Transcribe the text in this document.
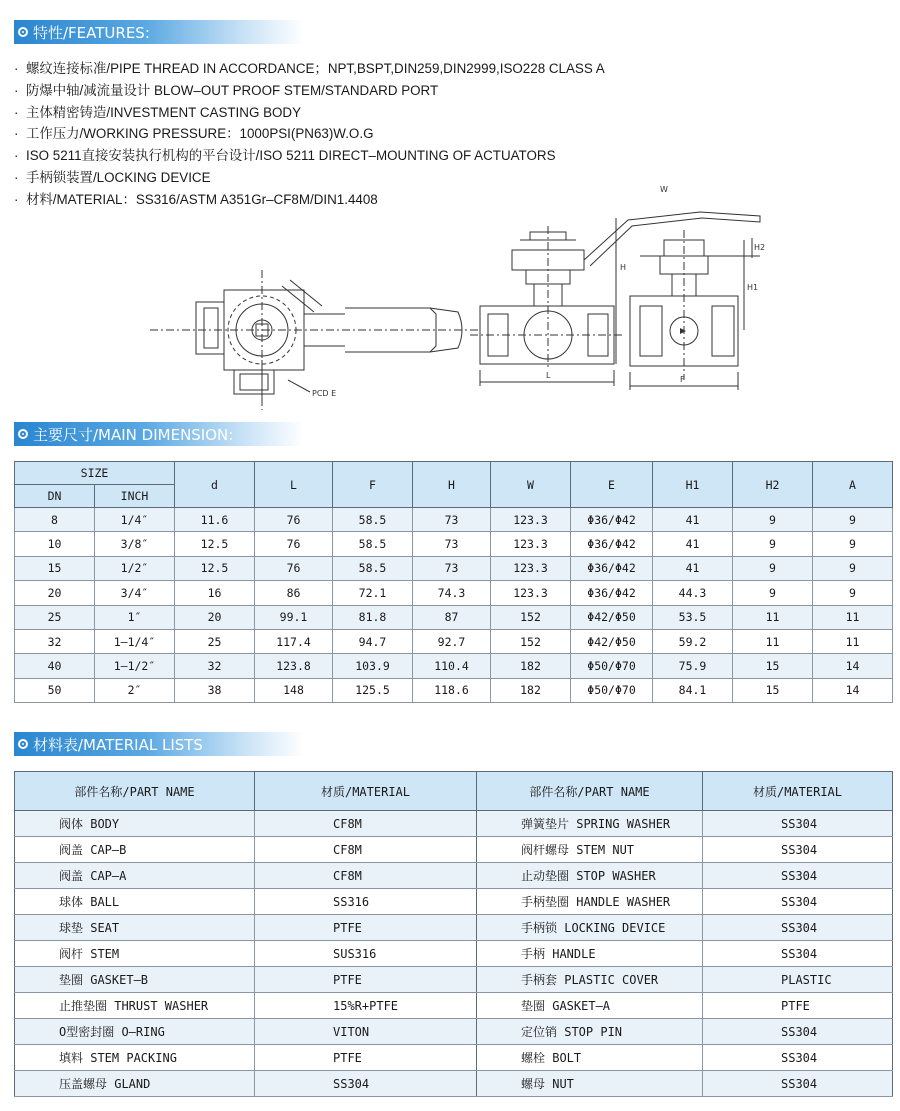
特性/FEATURES:
· 螺纹连接标准/PIPE THREAD IN ACCORDANCE；NPT,BSPT,DIN259,DIN2999,ISO228 CLASS A
· 防爆中轴/减流量设计 BLOW–OUT PROOF STEM/STANDARD PORT
· 主体精密铸造/INVESTMENT CASTING BODY
· 工作压力/WORKING PRESSURE：1000PSI(PN63)W.O.G
· ISO 5211直接安装执行机构的平台设计/ISO 5211 DIRECT–MOUNTING OF ACTUATORS
· 手柄锁装置/LOCKING DEVICE
· 材料/MATERIAL：SS316/ASTM A351Gr–CF8M/DIN1.4408
PCD E
L
H
F
H1
H2
W
主要尺寸/MAIN DIMENSION:
SIZE		d	L	F	H	W	E	H1	H2	A
DN	INCH									
8	1/4″	11.6	76	58.5	73	123.3	Φ36/Φ42	41	9	9
10	3/8″	12.5	76	58.5	73	123.3	Φ36/Φ42	41	9	9
15	1/2″	12.5	76	58.5	73	123.3	Φ36/Φ42	41	9	9
20	3/4″	16	86	72.1	74.3	123.3	Φ36/Φ42	44.3	9	9
25	1″	20	99.1	81.8	87	152	Φ42/Φ50	53.5	11	11
32	1–1/4″	25	117.4	94.7	92.7	152	Φ42/Φ50	59.2	11	11
40	1–1/2″	32	123.8	103.9	110.4	182	Φ50/Φ70	75.9	15	14
50	2″	38	148	125.5	118.6	182	Φ50/Φ70	84.1	15	14
材料表/MATERIAL LISTS
部件名称/PART NAME	材质/MATERIAL	部件名称/PART NAME	材质/MATERIAL
阀体 BODY	CF8M	弹簧垫片 SPRING WASHER	SS304
阀盖 CAP–B	CF8M	阀杆螺母 STEM NUT	SS304
阀盖 CAP–A	CF8M	止动垫圈 STOP WASHER	SS304
球体 BALL	SS316	手柄垫圈 HANDLE WASHER	SS304
球垫 SEAT	PTFE	手柄锁 LOCKING DEVICE	SS304
阀杆 STEM	SUS316	手柄 HANDLE	SS304
垫圈 GASKET–B	PTFE	手柄套 PLASTIC COVER	PLASTIC
止推垫圈 THRUST WASHER	15%R+PTFE	垫圈 GASKET–A	PTFE
O型密封圈 O–RING	VITON	定位销 STOP PIN	SS304
填料 STEM PACKING	PTFE	螺栓 BOLT	SS304
压盖螺母 GLAND	SS304	螺母 NUT	SS304
